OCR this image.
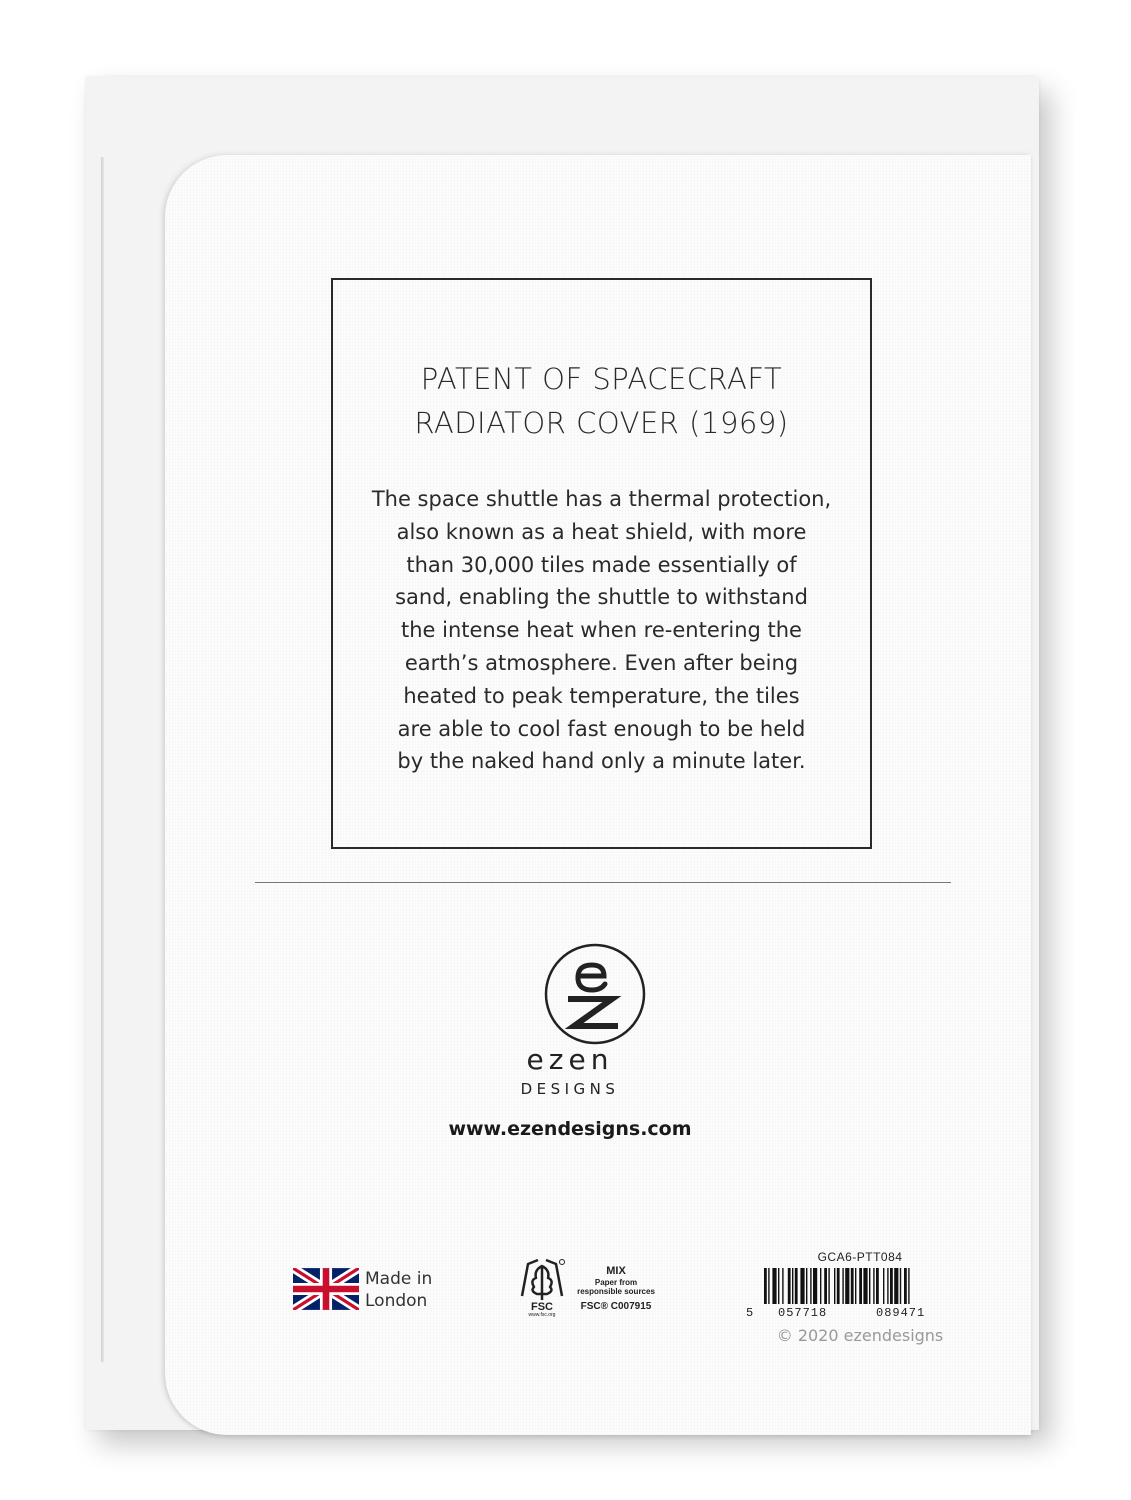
PATENT OF SPACECRAFT
RADIATOR COVER (1969)
The space shuttle has a thermal protection,
also known as a heat shield, with more
than 30,000 tiles made essentially of
sand, enabling the shuttle to withstand
the intense heat when re-entering the
earth’s atmosphere. Even after being
heated to peak temperature, the tiles
are able to cool fast enough to be held
by the naked hand only a minute later.
ezen
DESIGNS
www.ezendesigns.com
Made in
London	FSC
www.fsc.org
MIX
Paper from
responsible sources
FSC® C007915
GCA6-PTT084
5 057718	089471
© 2020 ezendesigns
